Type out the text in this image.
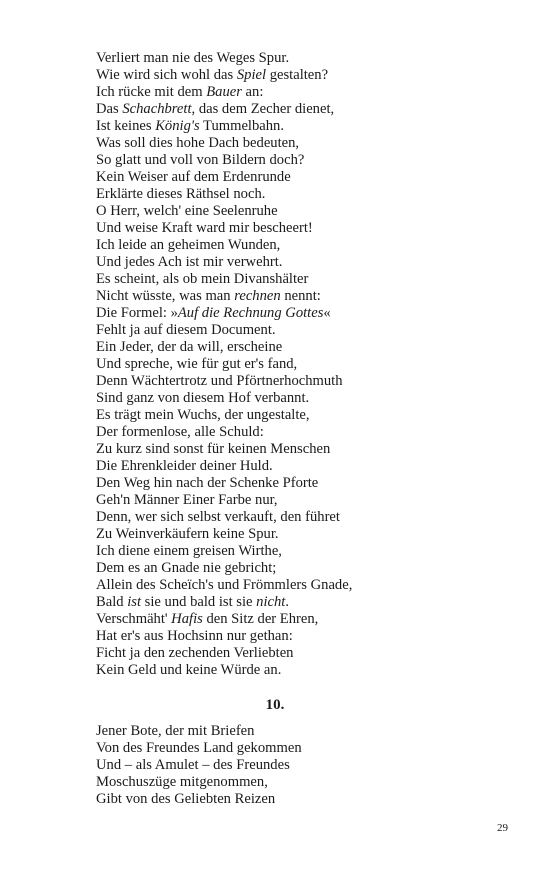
Verliert man nie des Weges Spur.
Wie wird sich wohl das Spiel gestalten?
Ich rücke mit dem Bauer an:
Das Schachbrett, das dem Zecher dienet,
Ist keines König's Tummelbahn.
Was soll dies hohe Dach bedeuten,
So glatt und voll von Bildern doch?
Kein Weiser auf dem Erdenrunde
Erklärte dieses Räthsel noch.
O Herr, welch' eine Seelenruhe
Und weise Kraft ward mir bescheert!
Ich leide an geheimen Wunden,
Und jedes Ach ist mir verwehrt.
Es scheint, als ob mein Divanshälter
Nicht wüsste, was man rechnen nennt:
Die Formel: »Auf die Rechnung Gottes«
Fehlt ja auf diesem Document.
Ein Jeder, der da will, erscheine
Und spreche, wie für gut er's fand,
Denn Wächtertrotz und Pförtnerhochmuth
Sind ganz von diesem Hof verbannt.
Es trägt mein Wuchs, der ungestalte,
Der formenlose, alle Schuld:
Zu kurz sind sonst für keinen Menschen
Die Ehrenkleider deiner Huld.
Den Weg hin nach der Schenke Pforte
Geh'n Männer Einer Farbe nur,
Denn, wer sich selbst verkauft, den führet
Zu Weinverkäufern keine Spur.
Ich diene einem greisen Wirthe,
Dem es an Gnade nie gebricht;
Allein des Scheïch's und Frömmlers Gnade,
Bald ist sie und bald ist sie nicht.
Verschmäht' Hafis den Sitz der Ehren,
Hat er's aus Hochsinn nur gethan:
Ficht ja den zechenden Verliebten
Kein Geld und keine Würde an.
10.
Jener Bote, der mit Briefen
Von des Freundes Land gekommen
Und – als Amulet – des Freundes
Moschuszüge mitgenommen,
Gibt von des Geliebten Reizen
29
